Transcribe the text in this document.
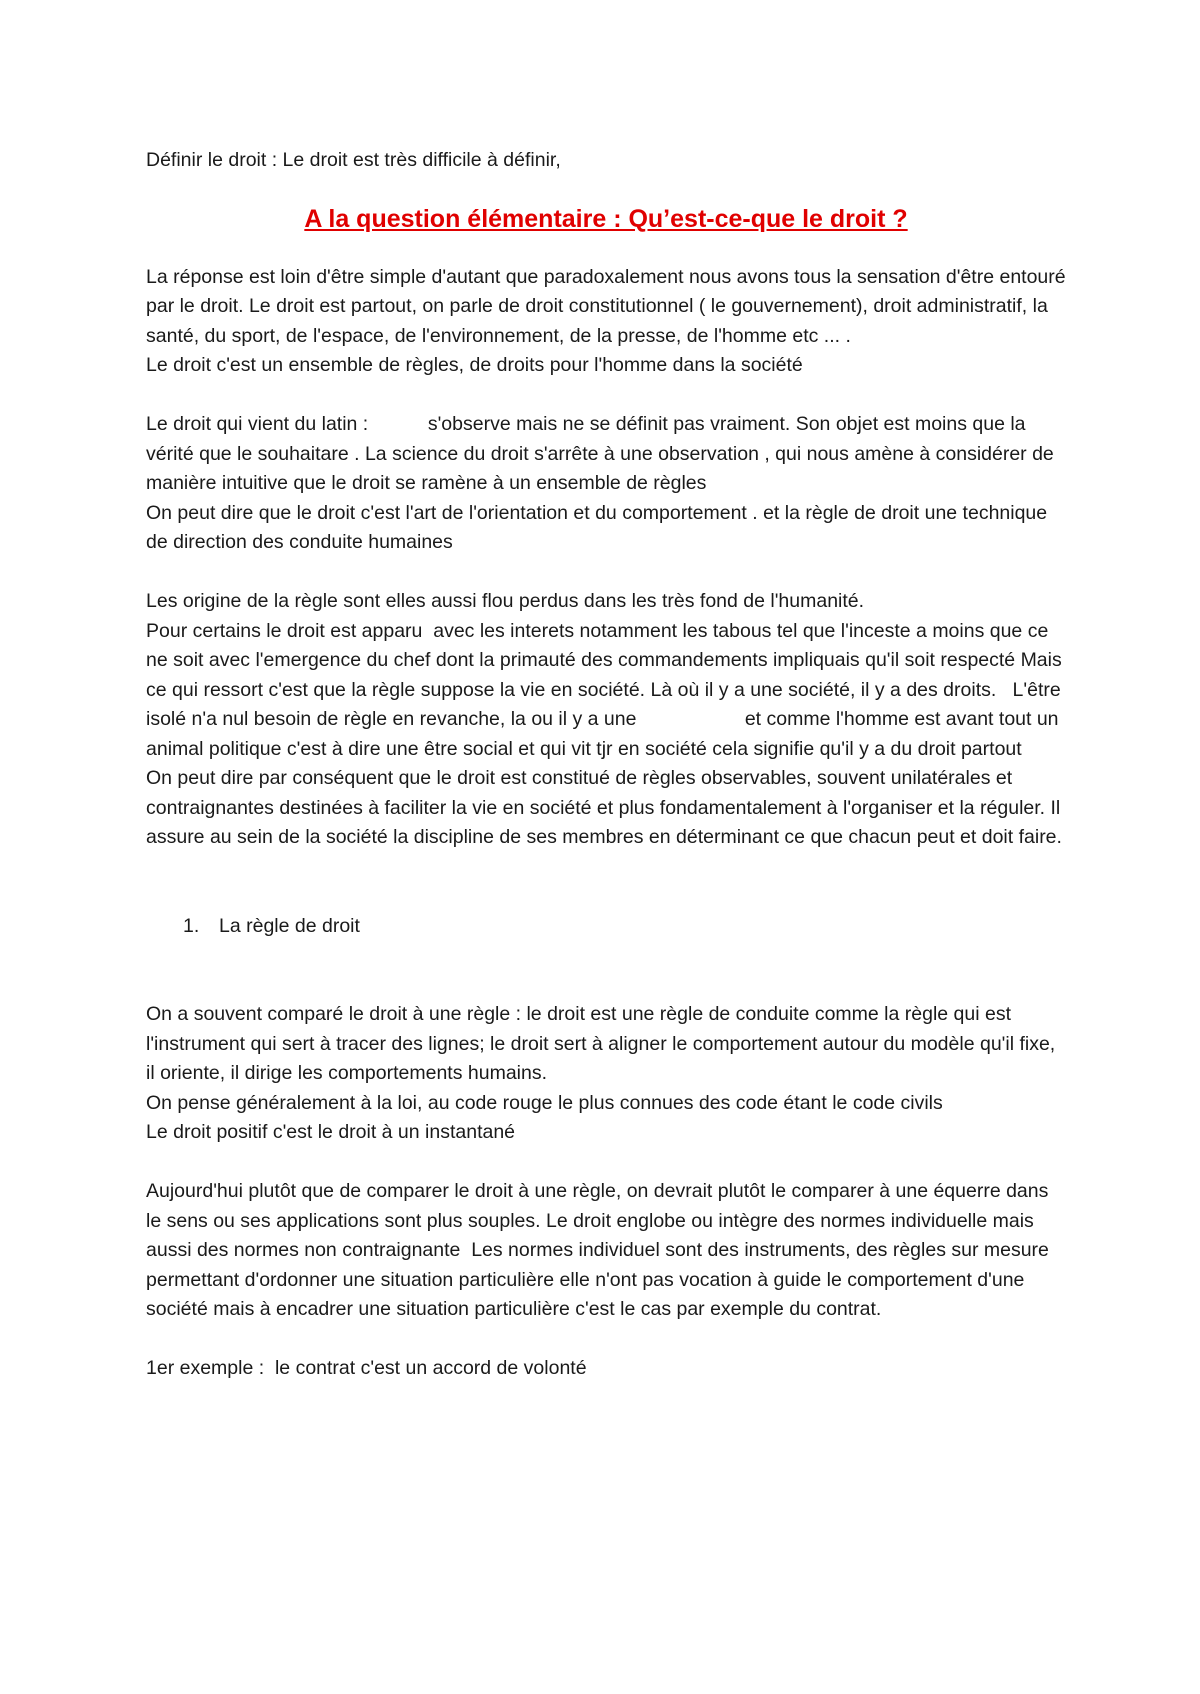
Définir le droit : Le droit est très difficile à définir,

A la question élémentaire : Qu’est-ce-que le droit ?

La réponse est loin d'être simple d'autant que paradoxalement nous avons tous la sensation d'être entouré par le droit. Le droit est partout, on parle de droit constitutionnel ( le gouvernement), droit administratif, la santé, du sport, de l'espace, de l'environnement, de la presse, de l'homme etc ... .

Le droit c'est un ensemble de règles, de droits pour l'homme dans la société

Le droit qui vient du latin :           s'observe mais ne se définit pas vraiment. Son objet est moins que la vérité que le souhaitare . La science du droit s'arrête à une observation , qui nous amène à considérer de manière intuitive que le droit se ramène à un ensemble de règles

On peut dire que le droit c'est l'art de l'orientation et du comportement . et la règle de droit une technique de direction des conduite humaines

Les origine de la règle sont elles aussi flou perdus dans les très fond de l'humanité.

Pour certains le droit est apparu  avec les interets notamment les tabous tel que l'inceste a moins que ce ne soit avec l'emergence du chef dont la primauté des commandements impliquais qu'il soit respecté Mais ce qui ressort c'est que la règle suppose la vie en société. Là où il y a une société, il y a des droits.   L'être isolé n'a nul besoin de règle en revanche, la ou il y a une                    et comme l'homme est avant tout un animal politique c'est à dire une être social et qui vit tjr en société cela signifie qu'il y a du droit partout

On peut dire par conséquent que le droit est constitué de règles observables, souvent unilatérales et contraignantes destinées à faciliter la vie en société et plus fondamentalement à l'organiser et la réguler. Il assure au sein de la société la discipline de ses membres en déterminant ce que chacun peut et doit faire.

1.	La règle de droit

On a souvent comparé le droit à une règle : le droit est une règle de conduite comme la règle qui est l'instrument qui sert à tracer des lignes; le droit sert à aligner le comportement autour du modèle qu'il fixe, il oriente, il dirige les comportements humains.

On pense généralement à la loi, au code rouge le plus connues des code étant le code civils

Le droit positif c'est le droit à un instantané

Aujourd'hui plutôt que de comparer le droit à une règle, on devrait plutôt le comparer à une équerre dans le sens ou ses applications sont plus souples. Le droit englobe ou intègre des normes individuelle mais aussi des normes non contraignante  Les normes individuel sont des instruments, des règles sur mesure permettant d'ordonner une situation particulière elle n'ont pas vocation à guide le comportement d'une société mais à encadrer une situation particulière c'est le cas par exemple du contrat.

1er exemple :  le contrat c'est un accord de volonté
